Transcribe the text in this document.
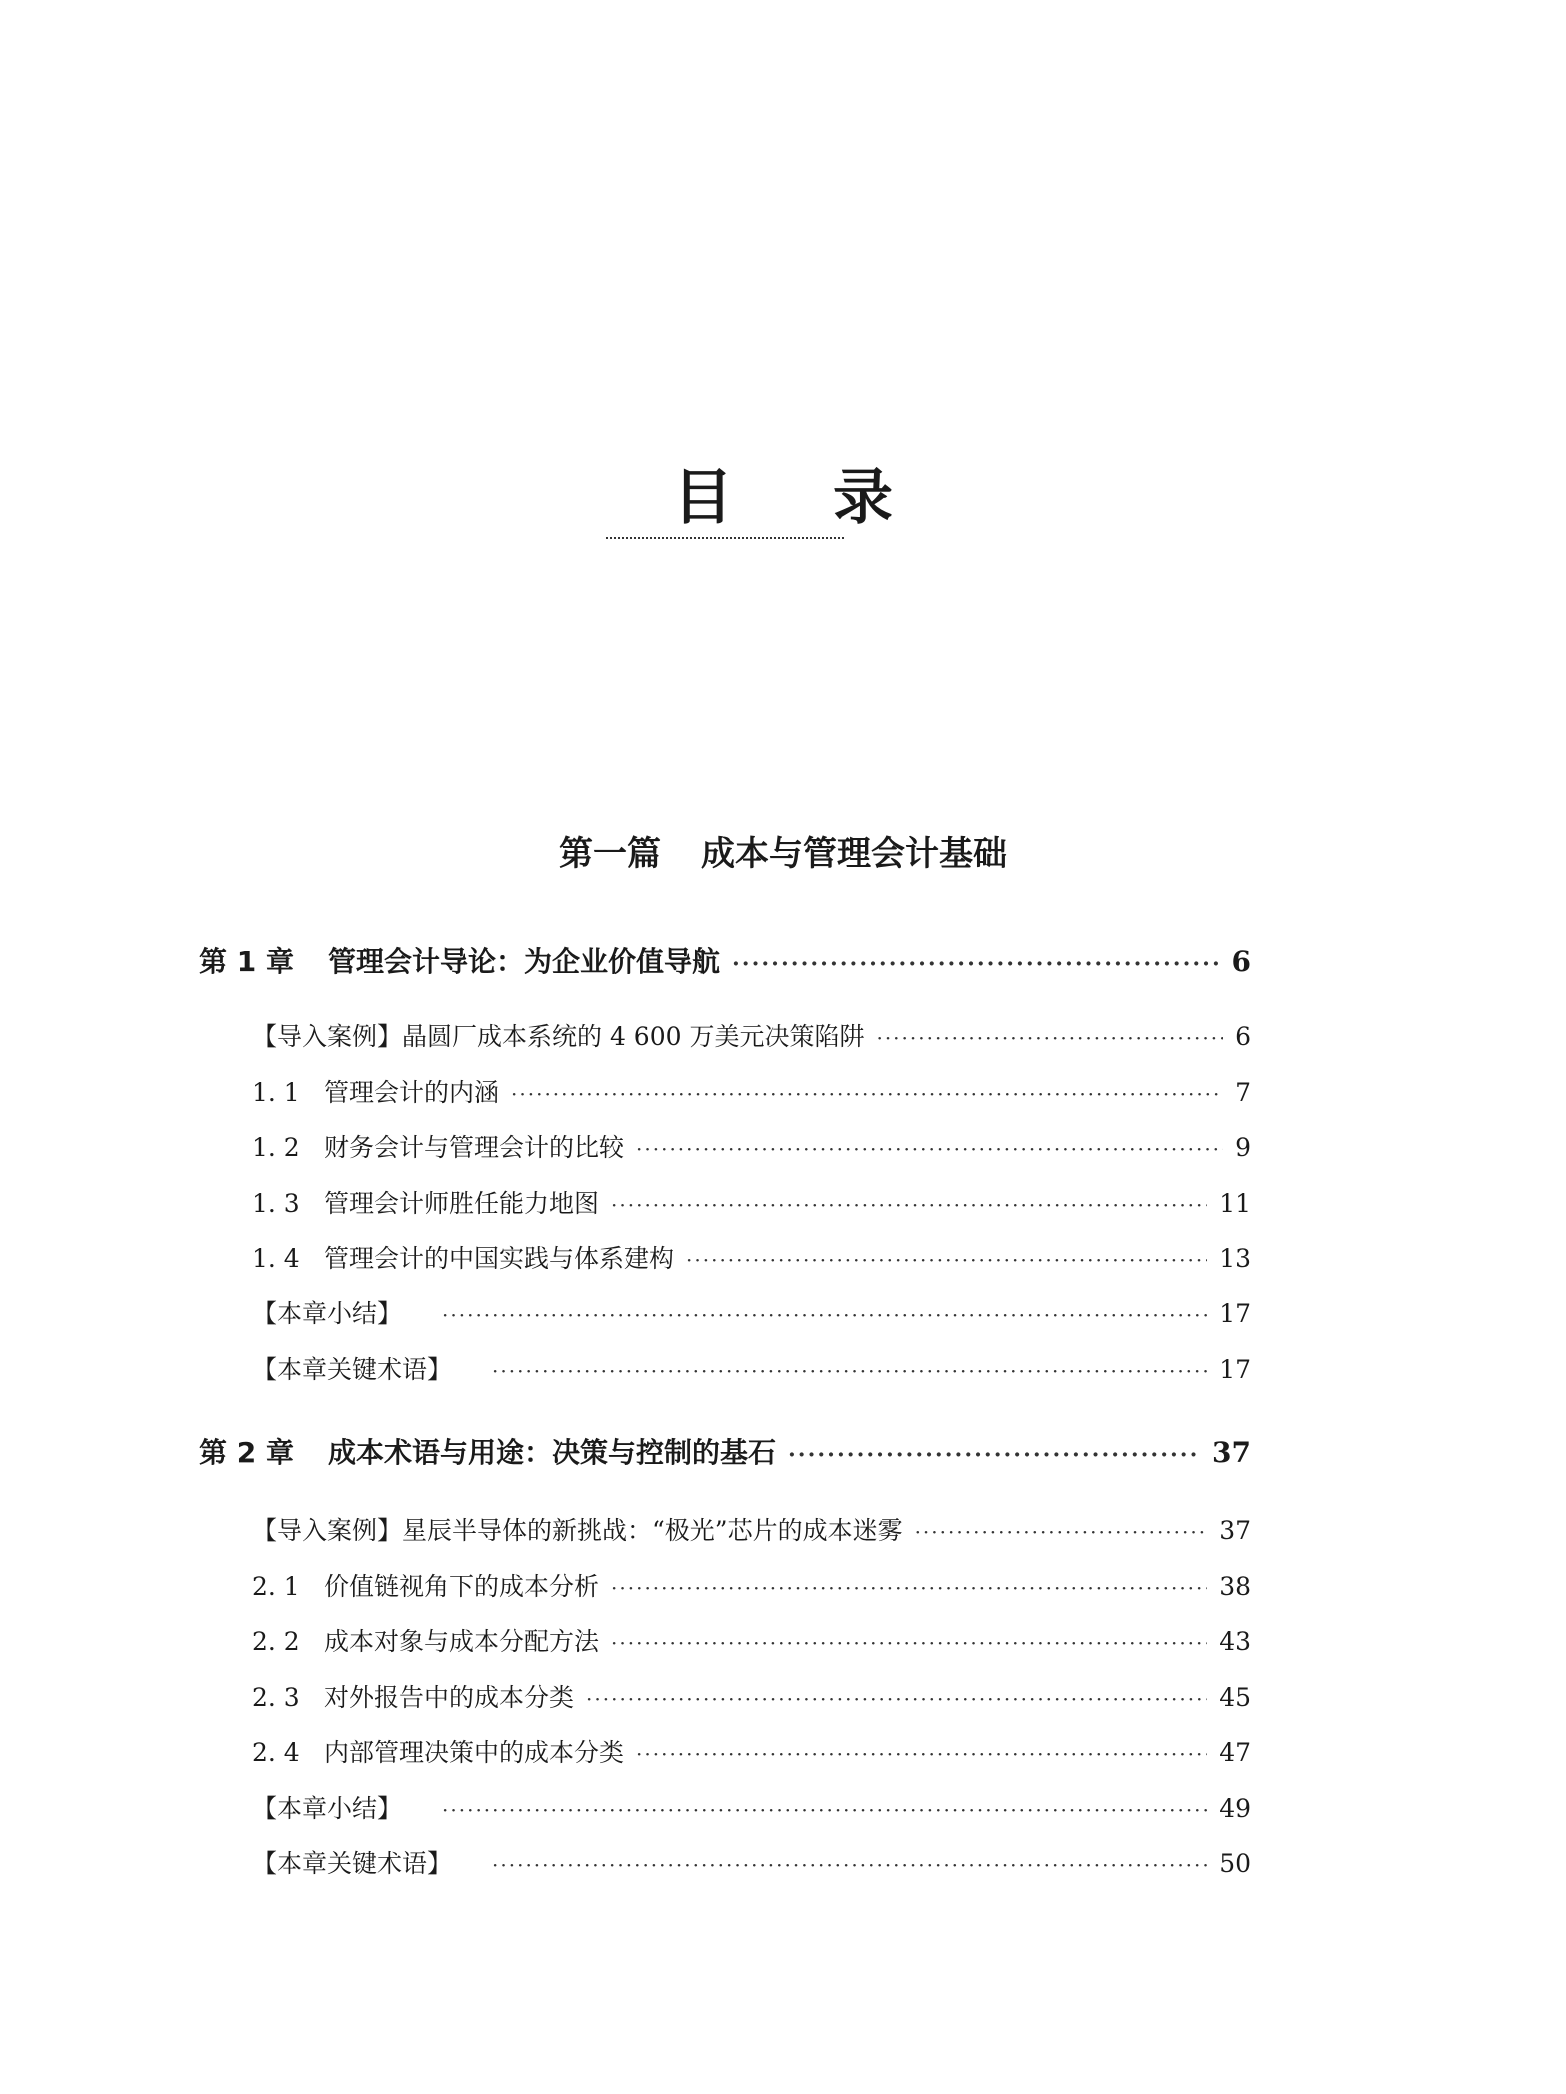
目 录
第一篇 成本与管理会计基础
第 1 章 管理会计导论：为企业价值导航 ·····	6
【导入案例】晶圆厂成本系统的 4 600 万美元决策陷阱 ·····	6
1. 1 管理会计的内涵 ·····	7
1. 2 财务会计与管理会计的比较 ·····	9
1. 3 管理会计师胜任能力地图 ·····	11
1. 4 管理会计的中国实践与体系建构 ·····	13
【本章小结】 ·····	17
【本章关键术语】 ·····	17
第 2 章 成本术语与用途：决策与控制的基石 ·····	37
【导入案例】星辰半导体的新挑战：“极光”芯片的成本迷雾 ·····	37
2. 1 价值链视角下的成本分析 ·····	38
2. 2 成本对象与成本分配方法 ·····	43
2. 3 对外报告中的成本分类 ·····	45
2. 4 内部管理决策中的成本分类 ·····	47
【本章小结】 ·····	49
【本章关键术语】 ·····	50
